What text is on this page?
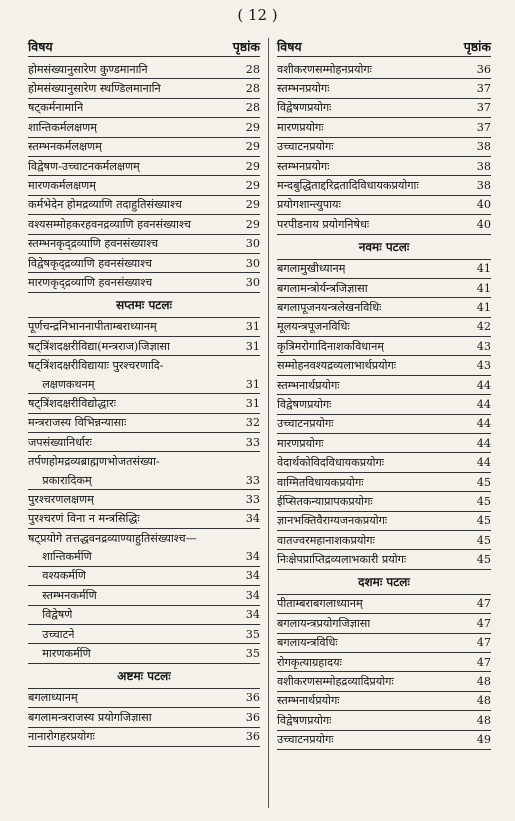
( 12 )
विषय	पृष्ठांक
होमसंख्यानुसारेण कुण्डमानानि	28
होमसंख्यानुसारेण स्थण्डिलमानानि	28
षट्कर्मनामानि	28
शान्तिकर्मलक्षणम्	29
स्तम्भनकर्मलक्षणम्	29
विद्वेषण-उच्चाटनकर्मलक्षणम्	29
मारणकर्मलक्षणम्	29
कर्मभेदेन होमद्रव्याणि तदाहुतिसंख्याश्च	29
वश्यसम्मोहकरहवनद्रव्याणि हवनसंख्याश्च	29
स्तम्भनकृद्द्रव्याणि हवनसंख्याश्च	30
विद्वेषकृद्द्रव्याणि हवनसंख्याश्च	30
मारणकृद्द्रव्याणि हवनसंख्याश्च	30
सप्तमः पटलः
पूर्णचन्द्रनिभाननापीताम्बराध्यानम्	31
षट्त्रिंशदक्षरीविद्या(मन्त्रराज)जिज्ञासा	31
षट्त्रिंशदक्षरीविद्यायाः पुरश्चरणादि-
लक्षणकथनम्	31
षट्त्रिंशदक्षरीविद्योद्धारः	31
मन्त्रराजस्य विभिन्नन्यासाः	32
जपसंख्यानिर्धारः	33
तर्पणहोमद्रव्यब्राह्मणभोजतसंख्या-
प्रकारादिकम्	33
पुरश्चरणलक्षणम्	33
पुरश्चरणं विना न मन्त्रसिद्धिः	34
षट्प्रयोगे तत्तद्धवनद्रव्याण्याहुतिसंख्याश्च—
शान्तिकर्मणि	34
वश्यकर्मणि	34
स्तम्भनकर्मणि	34
विद्वेषणे	34
उच्चाटने	35
मारणकर्मणि	35
अष्टमः पटलः
बगलाध्यानम्	36
बगलामन्त्रराजस्य प्रयोगजिज्ञासा	36
नानारोगहरप्रयोगः	36
विषय	पृष्ठांक
वशीकरणसम्मोहनप्रयोगः	36
स्तम्भनप्रयोगः	37
विद्वेषणप्रयोगः	37
मारणप्रयोगः	37
उच्चाटनप्रयोगः	38
स्तम्भनप्रयोगः	38
मन्दबुद्धिताद्दरिद्रतादिविधायकप्रयोगाः	38
प्रयोगशान्त्युपायः	40
परपीडनाय प्रयोगनिषेधः	40
नवमः पटलः
बगलामुखीध्यानम्	41
बगलामन्त्रोर्यन्त्रजिज्ञासा	41
बगलापूजनयन्त्रलेखनविधिः	41
मूलयन्त्रपूजनविधिः	42
कृत्रिमरोगादिनाशकविधानम्	43
सम्मोहनवश्यद्रव्यलाभार्थप्रयोगः	43
स्तम्भनार्थप्रयोगः	44
विद्वेषणप्रयोगः	44
उच्चाटनप्रयोगः	44
मारणप्रयोगः	44
वेदार्थकोविदविधायकप्रयोगः	44
वाग्मितविधायकप्रयोगः	45
ईप्सितकन्याप्रापकप्रयोगः	45
ज्ञानभक्तिवैराग्यजनकप्रयोगः	45
वातज्वरमहानाशकप्रयोगः	45
निःक्षेपप्राप्तिद्रव्यलाभकारी प्रयोगः	45
दशमः पटलः
पीताम्बराबगलाध्यानम्	47
बगलायन्त्रप्रयोगजिज्ञासा	47
बगलायन्त्रविधिः	47
रोगकृत्याग्रहादयः	47
वशीकरणसम्मोहद्रव्यादिप्रयोगः	48
स्तम्भनार्थप्रयोगः	48
विद्वेषणप्रयोगः	48
उच्चाटनप्रयोगः	49
